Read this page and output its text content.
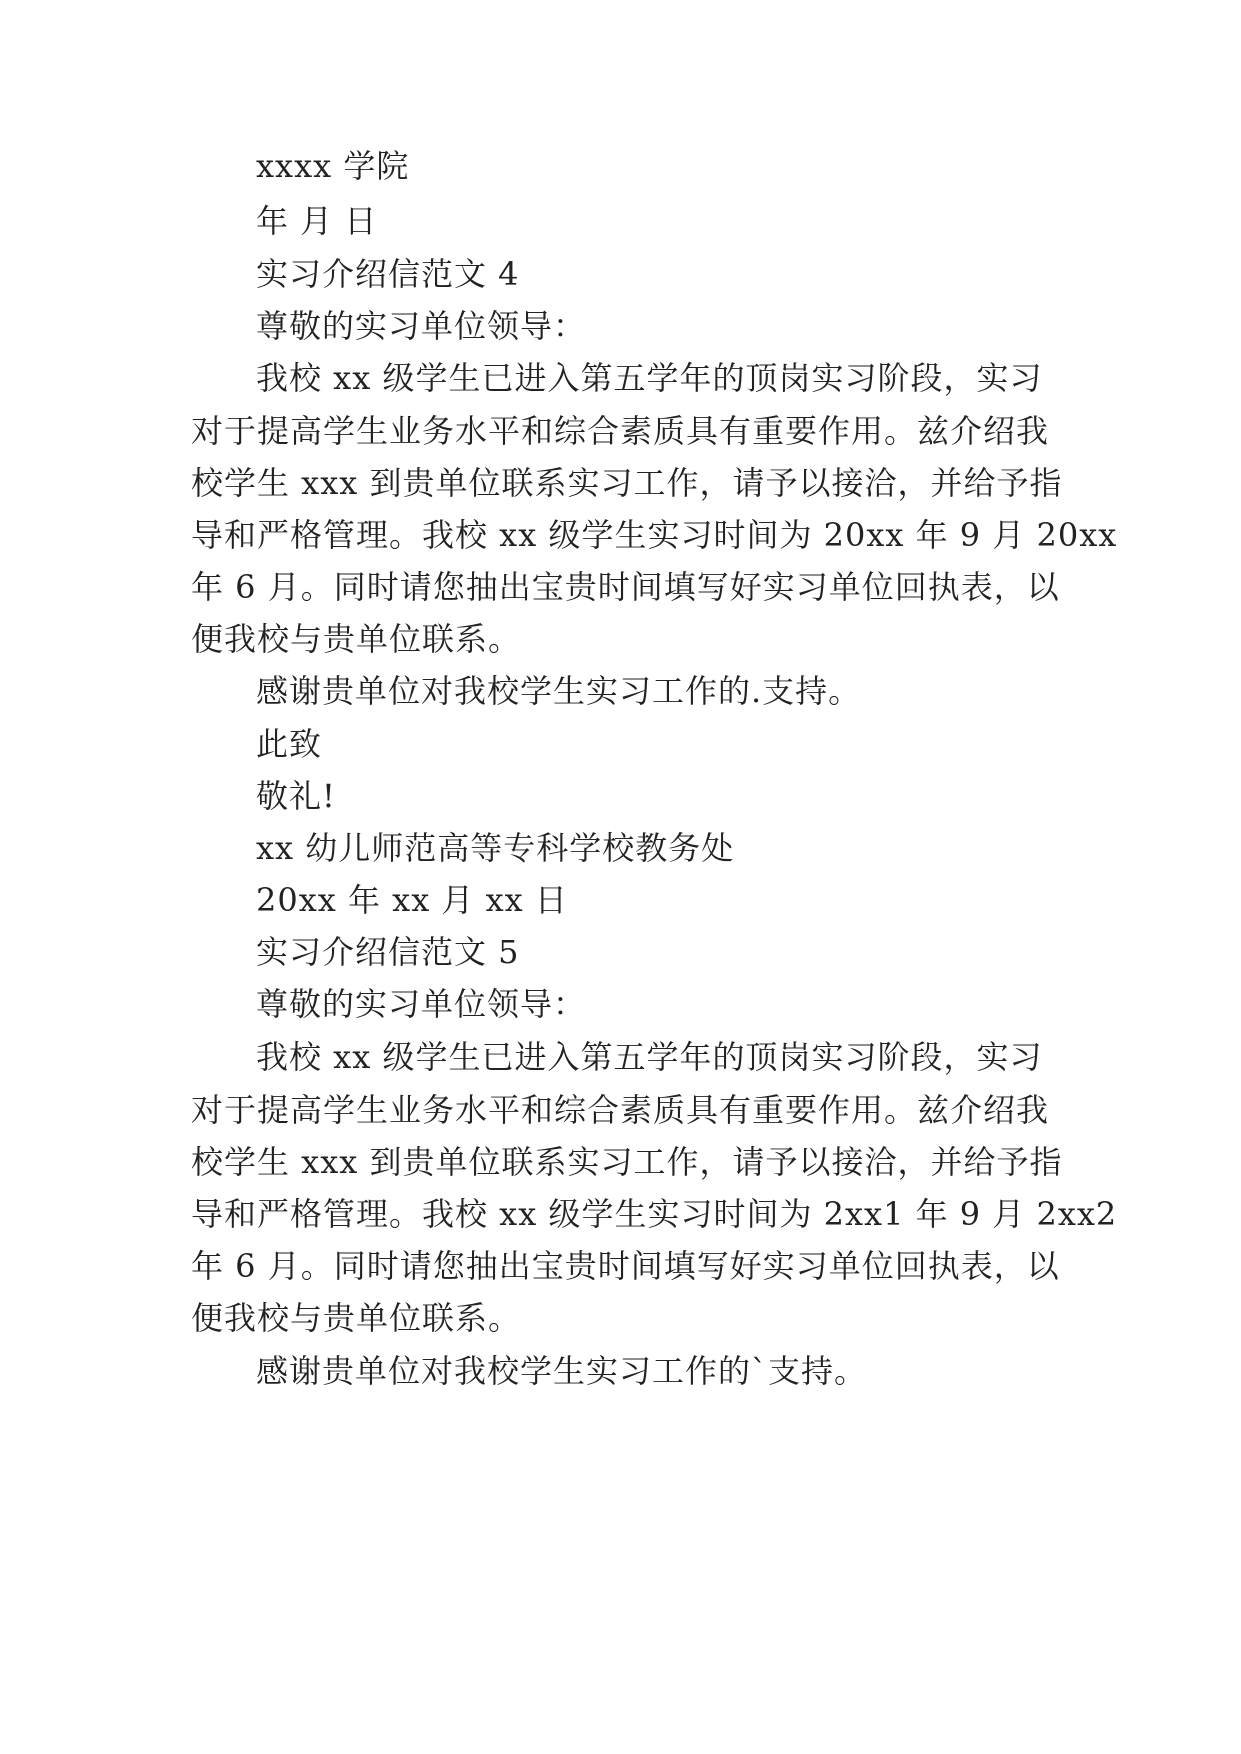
xxxx 学院
年 月 日
实习介绍信范文 4
尊敬的实习单位领导：
我校 xx 级学生已进入第五学年的顶岗实习阶段，实习
对于提高学生业务水平和综合素质具有重要作用。兹介绍我
校学生 xxx 到贵单位联系实习工作，请予以接洽，并给予指
导和严格管理。我校 xx 级学生实习时间为 20xx 年 9 月 20xx
年 6 月。同时请您抽出宝贵时间填写好实习单位回执表，以
便我校与贵单位联系。
感谢贵单位对我校学生实习工作的.支持。
此致
敬礼!
xx 幼儿师范高等专科学校教务处
20xx 年 xx 月 xx 日
实习介绍信范文 5
尊敬的实习单位领导：
我校 xx 级学生已进入第五学年的顶岗实习阶段，实习
对于提高学生业务水平和综合素质具有重要作用。兹介绍我
校学生 xxx 到贵单位联系实习工作，请予以接洽，并给予指
导和严格管理。我校 xx 级学生实习时间为 2xx1 年 9 月 2xx2
年 6 月。同时请您抽出宝贵时间填写好实习单位回执表，以
便我校与贵单位联系。
感谢贵单位对我校学生实习工作的`支持。
